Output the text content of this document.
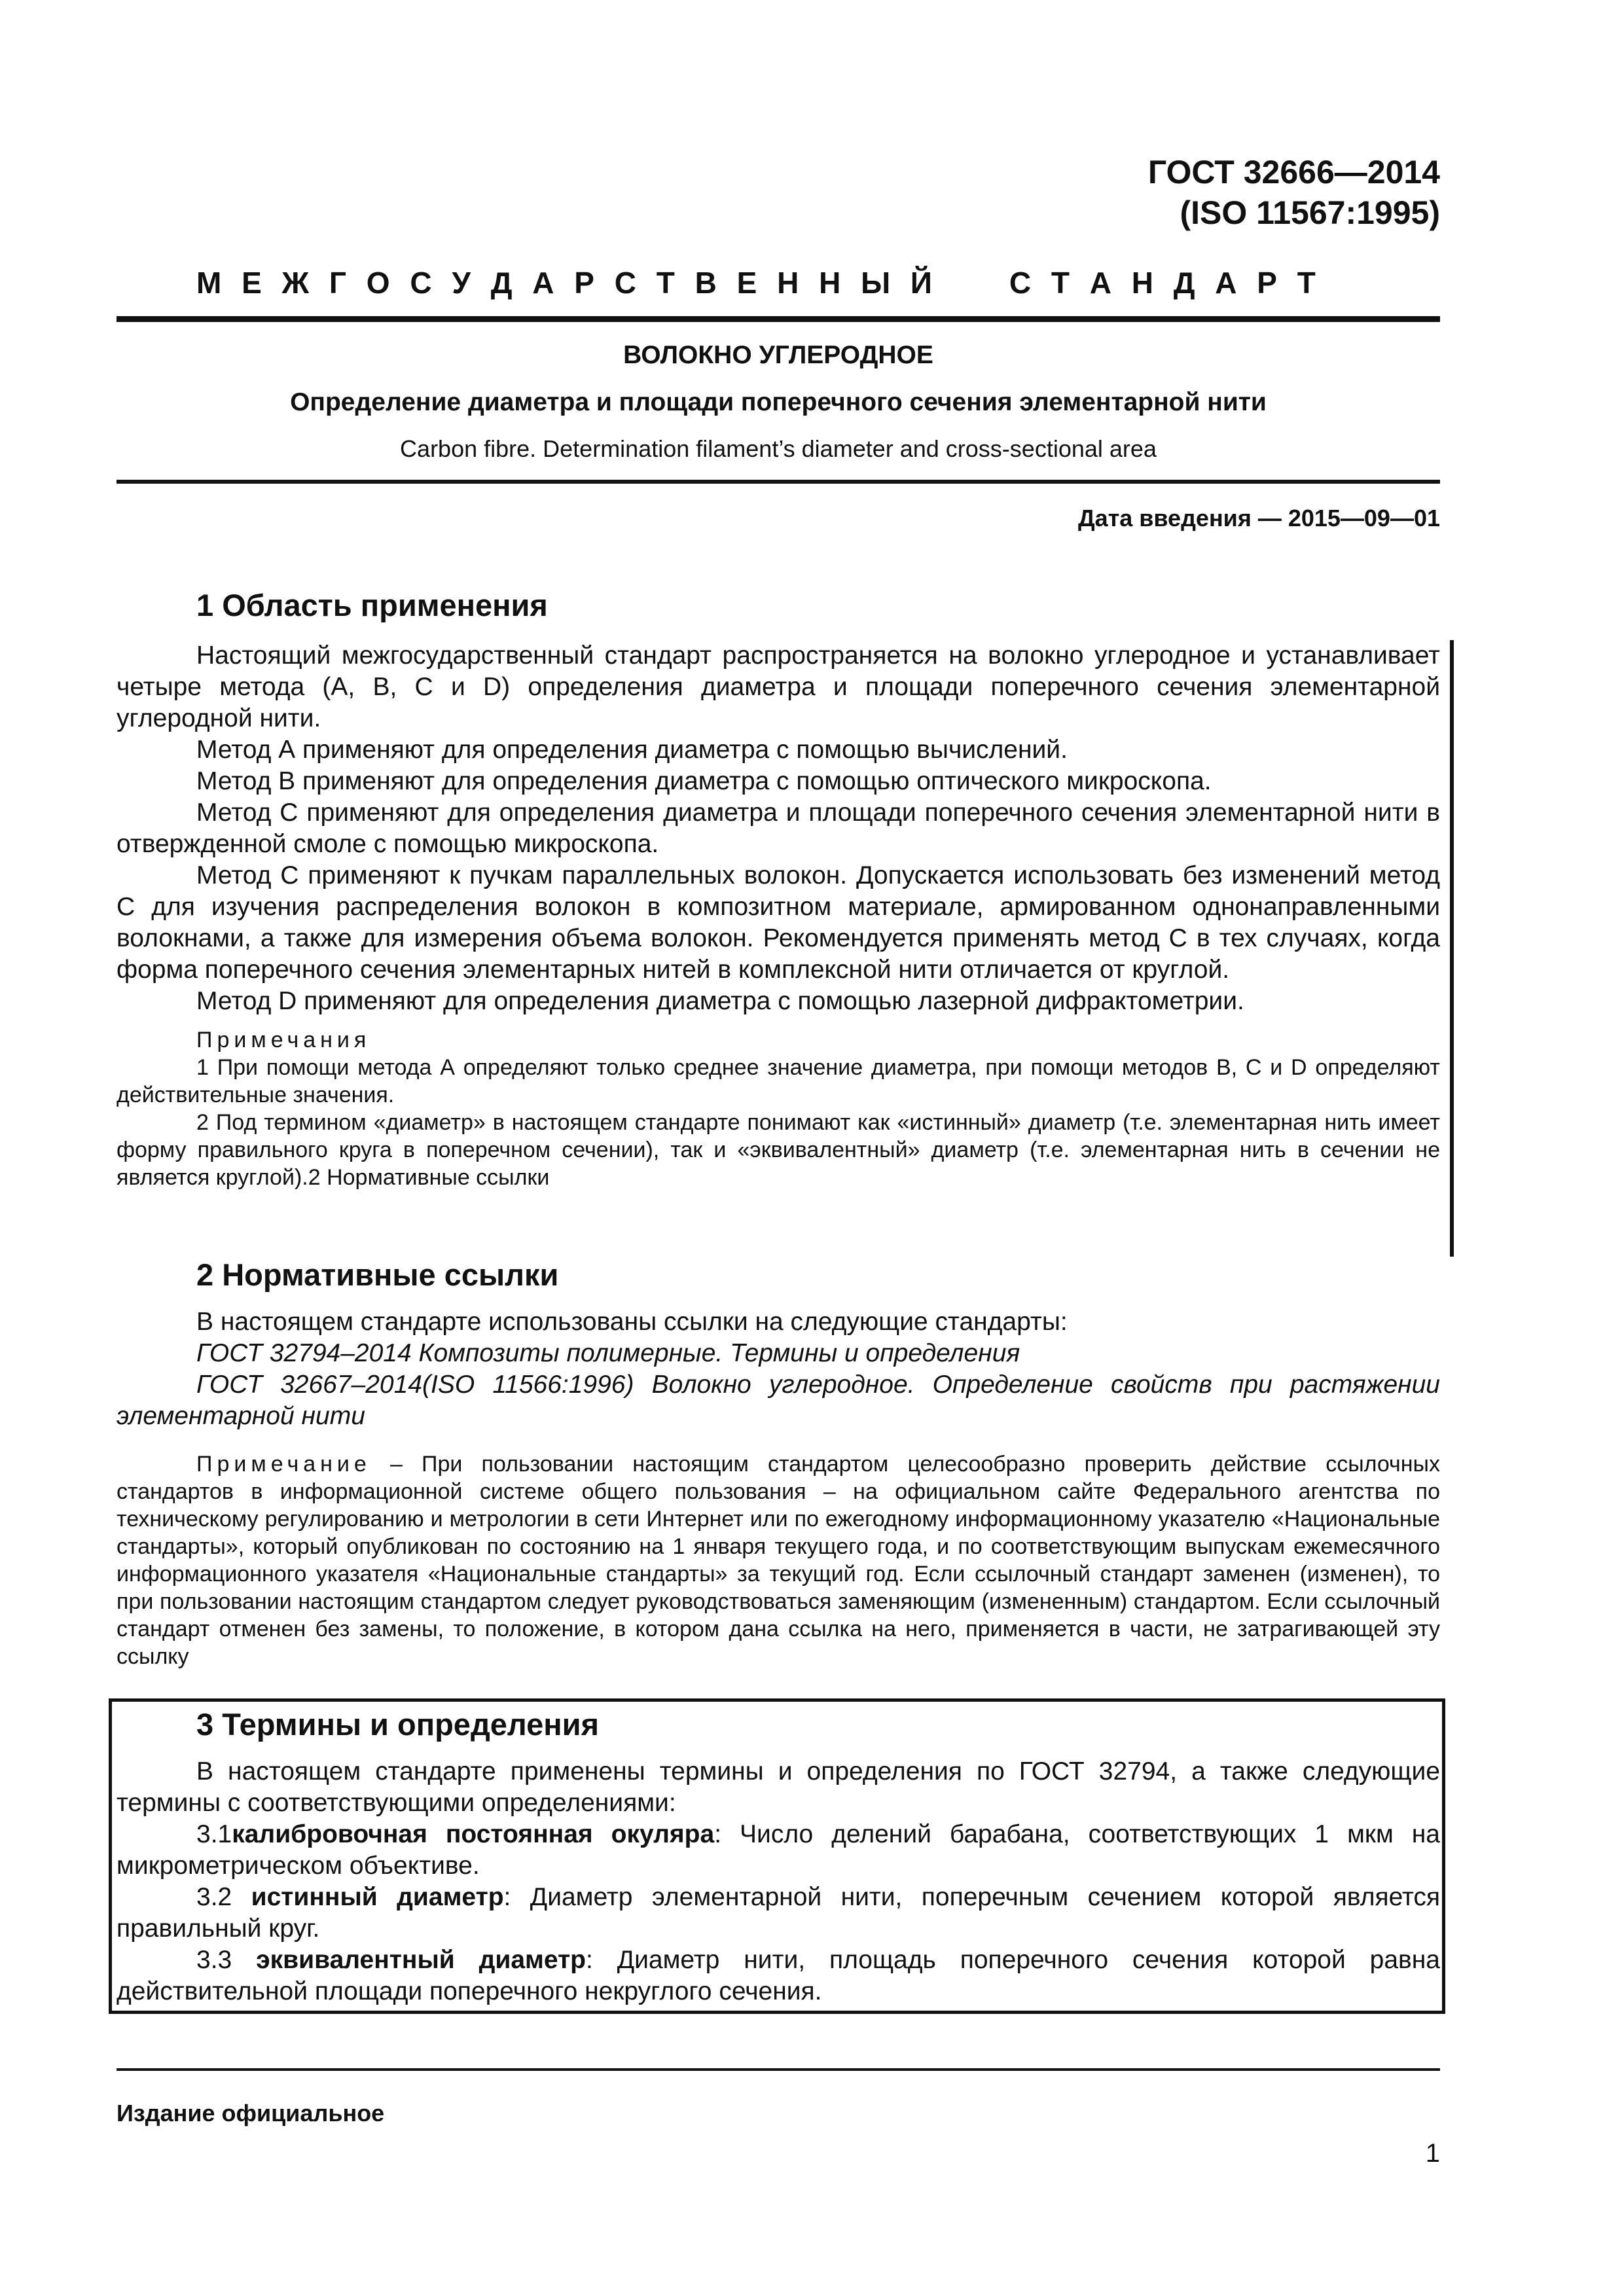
ГОСТ 32666—2014
(ISO 11567:1995)
М Е Ж Г О С У Д А Р С Т В Е Н Н Ы Й     С Т А Н Д А Р Т
ВОЛОКНО УГЛЕРОДНОЕ
Определение диаметра и площади поперечного сечения элементарной нити
Carbon fibre. Determination filament’s diameter and cross-sectional area
Дата введения — 2015—09—01
1 Область применения

Настоящий межгосударственный стандарт распространяется на волокно углеродное и устанавливает четыре метода (А, В, С и D) определения диаметра и площади поперечного сечения элементарной углеродной нити.

Метод А применяют для определения диаметра с помощью вычислений.

Метод В применяют для определения диаметра с помощью оптического микроскопа.

Метод С применяют для определения диаметра и площади поперечного сечения элементарной нити в отвержденной смоле с помощью микроскопа.

Метод С применяют к пучкам параллельных волокон. Допускается использовать без изменений метод С для изучения распределения волокон в композитном материале, армированном однонаправленными волокнами, а также для измерения объема волокон. Рекомендуется применять метод С в тех случаях, когда форма поперечного сечения элементарных нитей в комплексной нити отличается от круглой.

Метод D применяют для определения диаметра с помощью лазерной дифрактометрии.

Примечания

1 При помощи метода А определяют только среднее значение диаметра, при помощи методов В, С и D определяют действительные значения.

2 Под термином «диаметр» в настоящем стандарте понимают как «истинный» диаметр (т.е. элементарная нить имеет форму правильного круга в поперечном сечении), так и «эквивалентный» диаметр (т.е. элементарная нить в сечении не является круглой).2 Нормативные ссылки

2 Нормативные ссылки

В настоящем стандарте использованы ссылки на следующие стандарты:

ГОСТ 32794–2014 Композиты полимерные. Термины и определения

ГОСТ 32667–2014(ISO 11566:1996) Волокно углеродное. Определение свойств при растяжении элементарной нити

Примечание – При пользовании настоящим стандартом целесообразно проверить действие ссылочных стандартов в информационной системе общего пользования – на официальном сайте Федерального агентства по техническому регулированию и метрологии в сети Интернет или по ежегодному информационному указателю «Национальные стандарты», который опубликован по состоянию на 1 января текущего года, и по соответствующим выпускам ежемесячного информационного указателя «Национальные стандарты» за текущий год. Если ссылочный стандарт заменен (изменен), то при пользовании настоящим стандартом следует руководствоваться заменяющим (измененным) стандартом. Если ссылочный стандарт отменен без замены, то положение, в котором дана ссылка на него, применяется в части, не затрагивающей эту ссылку

3 Термины и определения

В настоящем стандарте применены термины и определения по ГОСТ 32794, а также следующие термины с соответствующими определениями:

3.1калибровочная постоянная окуляра: Число делений барабана, соответствующих 1 мкм на микрометрическом объективе.

3.2 истинный диаметр: Диаметр элементарной нити, поперечным сечением которой является правильный круг.

3.3 эквивалентный диаметр: Диаметр нити, площадь поперечного сечения которой равна действительной площади поперечного некруглого сечения.

Издание официальное
1
